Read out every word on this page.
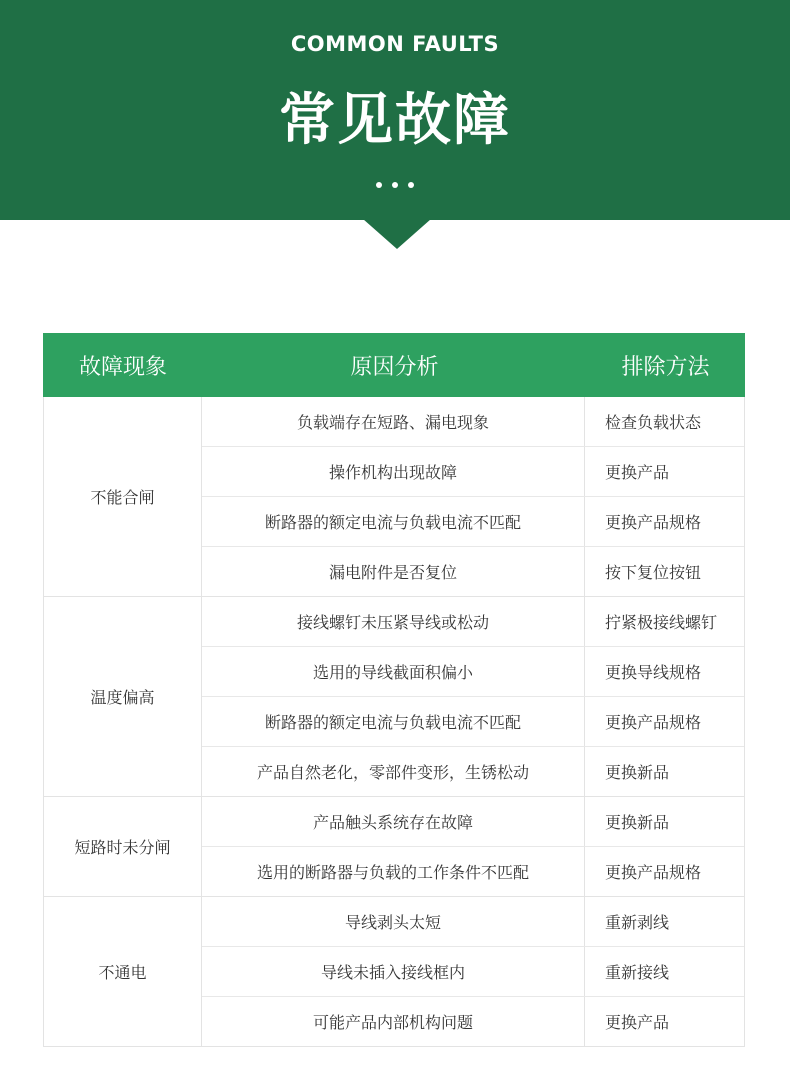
COMMON FAULTS
常见故障
故障现象	原因分析	排除方法
不能合闸
负载端存在短路、漏电现象	检查负载状态
操作机构出现故障	更换产品
断路器的额定电流与负载电流不匹配	更换产品规格
漏电附件是否复位	按下复位按钮
温度偏高
接线螺钉未压紧导线或松动	拧紧极接线螺钉
选用的导线截面积偏小	更换导线规格
断路器的额定电流与负载电流不匹配	更换产品规格
产品自然老化，零部件变形，生锈松动	更换新品
短路时未分闸
产品触头系统存在故障	更换新品
选用的断路器与负载的工作条件不匹配	更换产品规格
不通电
导线剥头太短	重新剥线
导线未插入接线框内	重新接线
可能产品内部机构问题	更换产品
